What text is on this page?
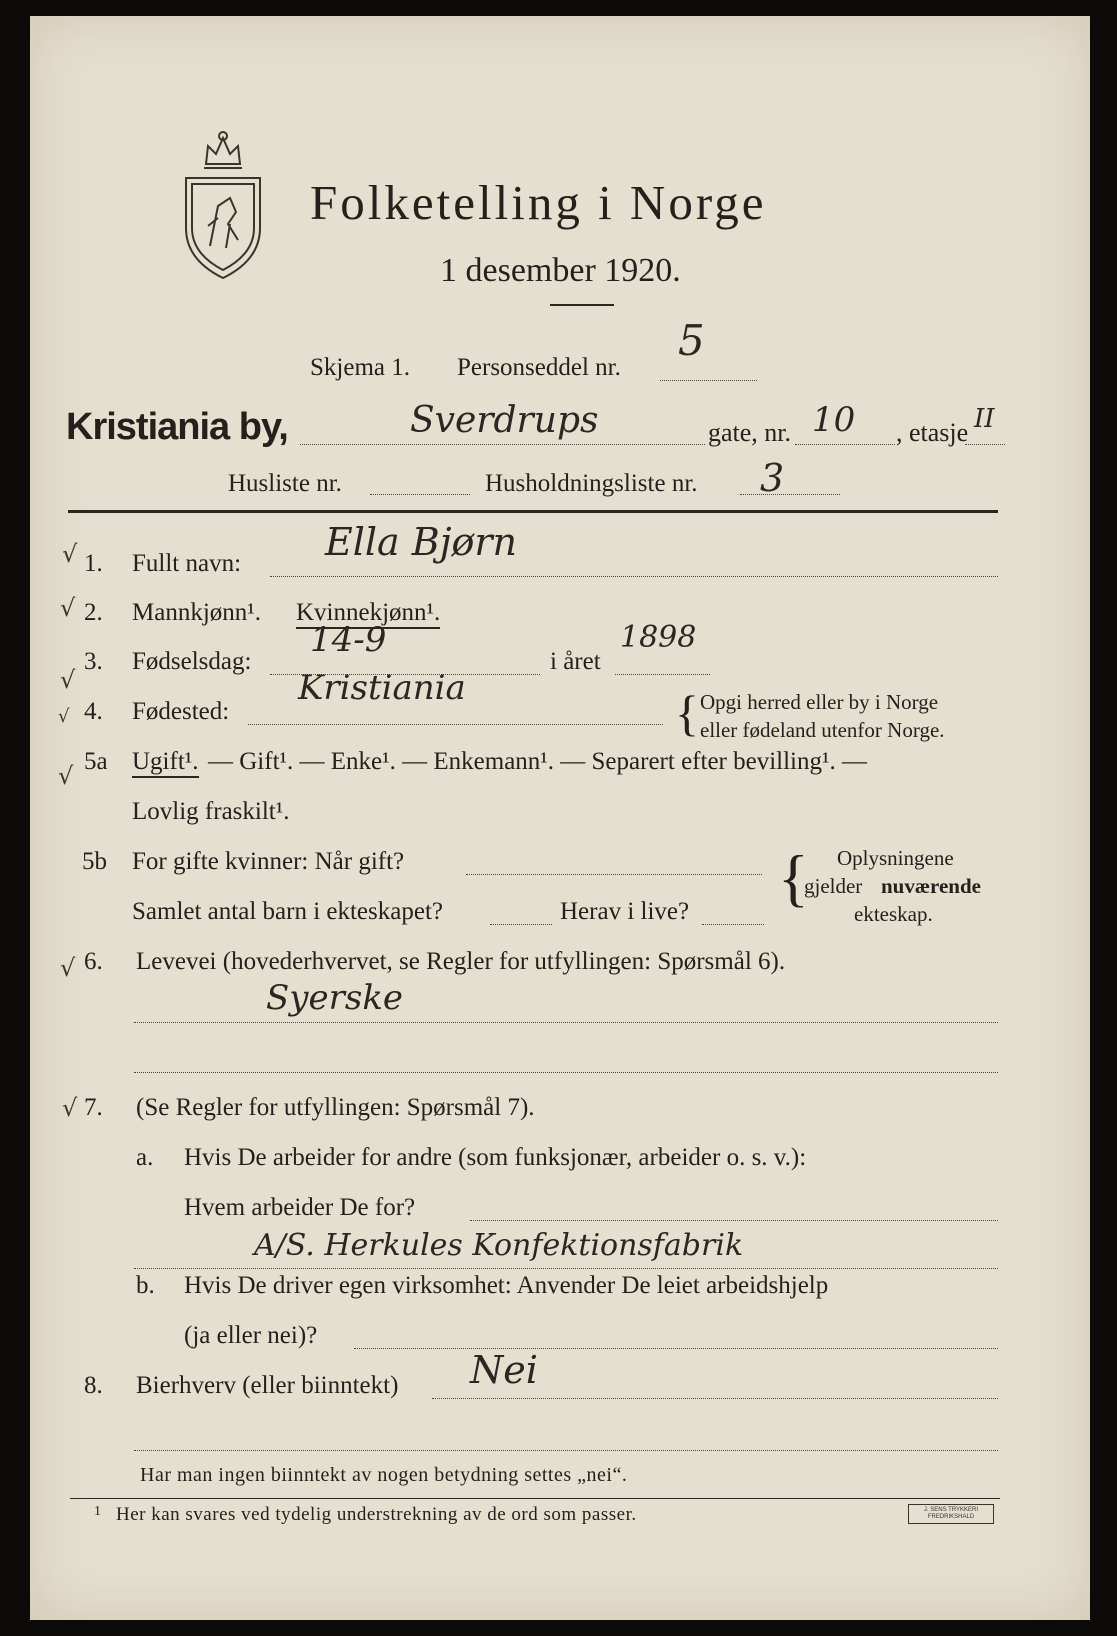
Folketelling i Norge
1 desember 1920.
Skjema 1. Personseddel nr.
5
Kristiania by,	Sverdrups	gate, nr. 10 , etasje II
Husliste nr.	Husholdningsliste nr. 3
√ 1. Fullt navn: Ella Bjørn
√ 2. Mannkjønn¹. Kvinnekjønn¹.
3. Fødselsdag:
14-9
i året
1898
√
√ 4. Fødested:
Kristiania	{ Opgi herred eller by i Norge
eller fødeland utenfor Norge.
√
5a Ugift¹. — Gift¹. — Enke¹. — Enkemann¹. — Separert efter bevilling¹. —
Lovlig fraskilt¹.
5b For gifte kvinner: Når gift?
Samlet antal barn i ekteskapet?	Herav i live? { Oplysningene
gjelder nuværende
ekteskap.
√ 6. Levevei (hovederhvervet, se Regler for utfyllingen: Spørsmål 6).
Syerske
√ 7. (Se Regler for utfyllingen: Spørsmål 7).
a. Hvis De arbeider for andre (som funksjonær, arbeider o. s. v.):
Hvem arbeider De for?
A/S. Herkules Konfektionsfabrik
b. Hvis De driver egen virksomhet: Anvender De leiet arbeidshjelp
(ja eller nei)?
8. Bierhverv (eller biinntekt) Nei
Har man ingen biinntekt av nogen betydning settes „nei“.
1 Her kan svares ved tydelig understrekning av de ord som passer.	J. SENS TRYKKERI
FREDRIKSHALD
